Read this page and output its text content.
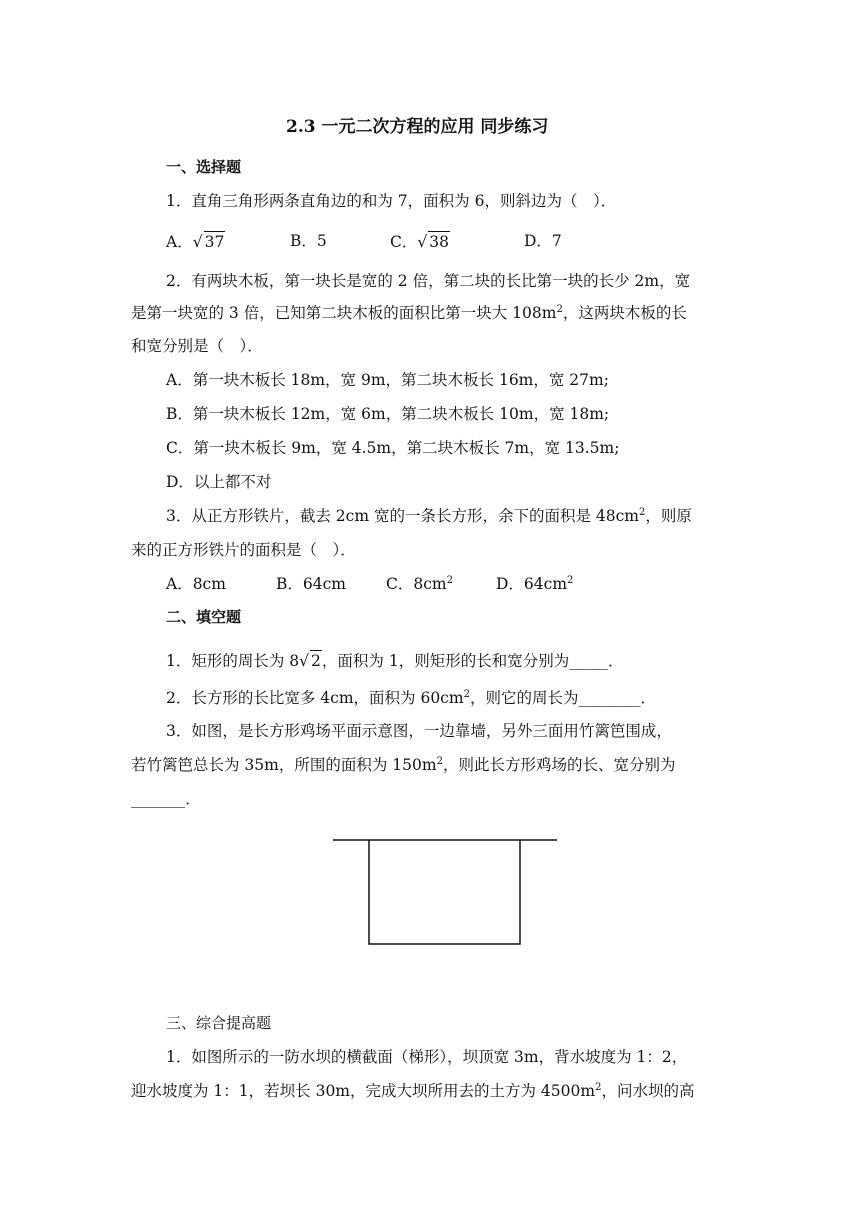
2.3 一元二次方程的应用 同步练习
一、选择题
1．直角三角形两条直角边的和为 7，面积为 6，则斜边为（　）．
A．√ 37	B．5	C．√ 38	D．7
2．有两块木板，第一块长是宽的 2 倍，第二块的长比第一块的长少 2m，宽
是第一块宽的 3 倍，已知第二块木板的面积比第一块大 $108m^2$，这两块木板的长
和宽分别是（　）．
A．第一块木板长 18m，宽 9m，第二块木板长 16m，宽 27m;
B．第一块木板长 12m，宽 6m，第二块木板长 10m，宽 18m;
C．第一块木板长 9m，宽 4.5m，第二块木板长 7m，宽 13.5m;
D．以上都不对
3．从正方形铁片，截去 2cm 宽的一条长方形，余下的面积是 $48cm^2$，则原
来的正方形铁片的面积是（　）．
A．8cm	B．64cm	C．$8cm^2$	D．$64cm^2$
二、填空题
1．矩形的周长为 8√ 2，面积为 1，则矩形的长和宽分别为_____．
2．长方形的长比宽多 4cm，面积为 $60cm^2$，则它的周长为________．
3．如图，是长方形鸡场平面示意图，一边靠墙，另外三面用竹篱笆围成，
若竹篱笆总长为 35m，所围的面积为 $150m^2$，则此长方形鸡场的长、宽分别为
_______．
三、综合提高题
1．如图所示的一防水坝的横截面（梯形），坝顶宽 3m，背水坡度为 1：2，
迎水坡度为 1：1，若坝长 30m，完成大坝所用去的土方为 $4500m^2$，问水坝的高
